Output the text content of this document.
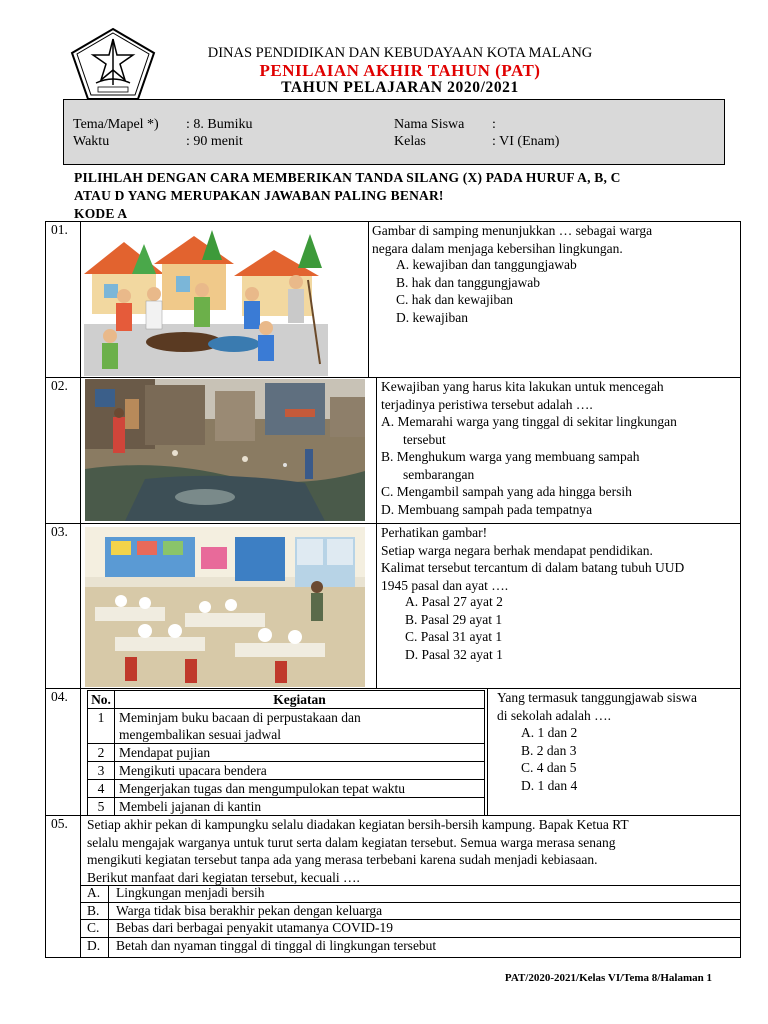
DINAS PENDIDIKAN DAN KEBUDAYAAN KOTA MALANG
PENILAIAN AKHIR TAHUN (PAT)
TAHUN PELAJARAN 2020/2021
Tema/Mapel *) : 8. Bumiku
Waktu	: 90 menit
Nama Siswa :
Kelas	: VI (Enam)
PILIHLAH DENGAN CARA MEMBERIKAN TANDA SILANG (X) PADA HURUF A, B, C
ATAU D YANG MERUPAKAN JAWABAN PALING BENAR!
KODE A
01.	Gambar di samping menunjukkan … sebagai warga
negara dalam menjaga kebersihan lingkungan.
A. kewajiban dan tanggungjawab
B. hak dan tanggungjawab
C. hak dan kewajiban
D. kewajiban
02.	Kewajiban yang harus kita lakukan untuk mencegah
terjadinya peristiwa tersebut adalah ….
A. Memarahi warga yang tinggal di sekitar lingkungan
tersebut
B. Menghukum warga yang membuang sampah
sembarangan
C. Mengambil sampah yang ada hingga bersih
D. Membuang sampah pada tempatnya
03.	Perhatikan gambar!
Setiap warga negara berhak mendapat pendidikan.
Kalimat tersebut tercantum di dalam batang tubuh UUD
1945 pasal dan ayat ….
A. Pasal 27 ayat 2
B. Pasal 29 ayat 1
C. Pasal 31 ayat 1
D. Pasal 32 ayat 1
04. No.	Kegiatan
1	Meminjam buku bacaan di perpustakaan dan
mengembalikan sesuai jadwal

2	Mendapat pujian
3	Mengikuti upacara bendera
4	Mengerjakan tugas dan mengumpulokan tepat waktu
5	Membeli jajanan di kantin
Yang termasuk tanggungjawab siswa
di sekolah adalah ….
A. 1 dan 2
B. 2 dan 3
C. 4 dan 5
D. 1 dan 4
05. Setiap akhir pekan di kampungku selalu diadakan kegiatan bersih-bersih kampung. Bapak Ketua RT
selalu mengajak warganya untuk turut serta dalam kegiatan tersebut. Semua warga merasa senang
mengikuti kegiatan tersebut tanpa ada yang merasa terbebani karena sudah menjadi kebiasaan.
Berikut manfaat dari kegiatan tersebut, kecuali ….
A. Lingkungan menjadi bersih
B. Warga tidak bisa berakhir pekan dengan keluarga
C. Bebas dari berbagai penyakit utamanya COVID-19
D. Betah dan nyaman tinggal di tinggal di lingkungan tersebut
PAT/2020-2021/Kelas VI/Tema 8/Halaman 1
